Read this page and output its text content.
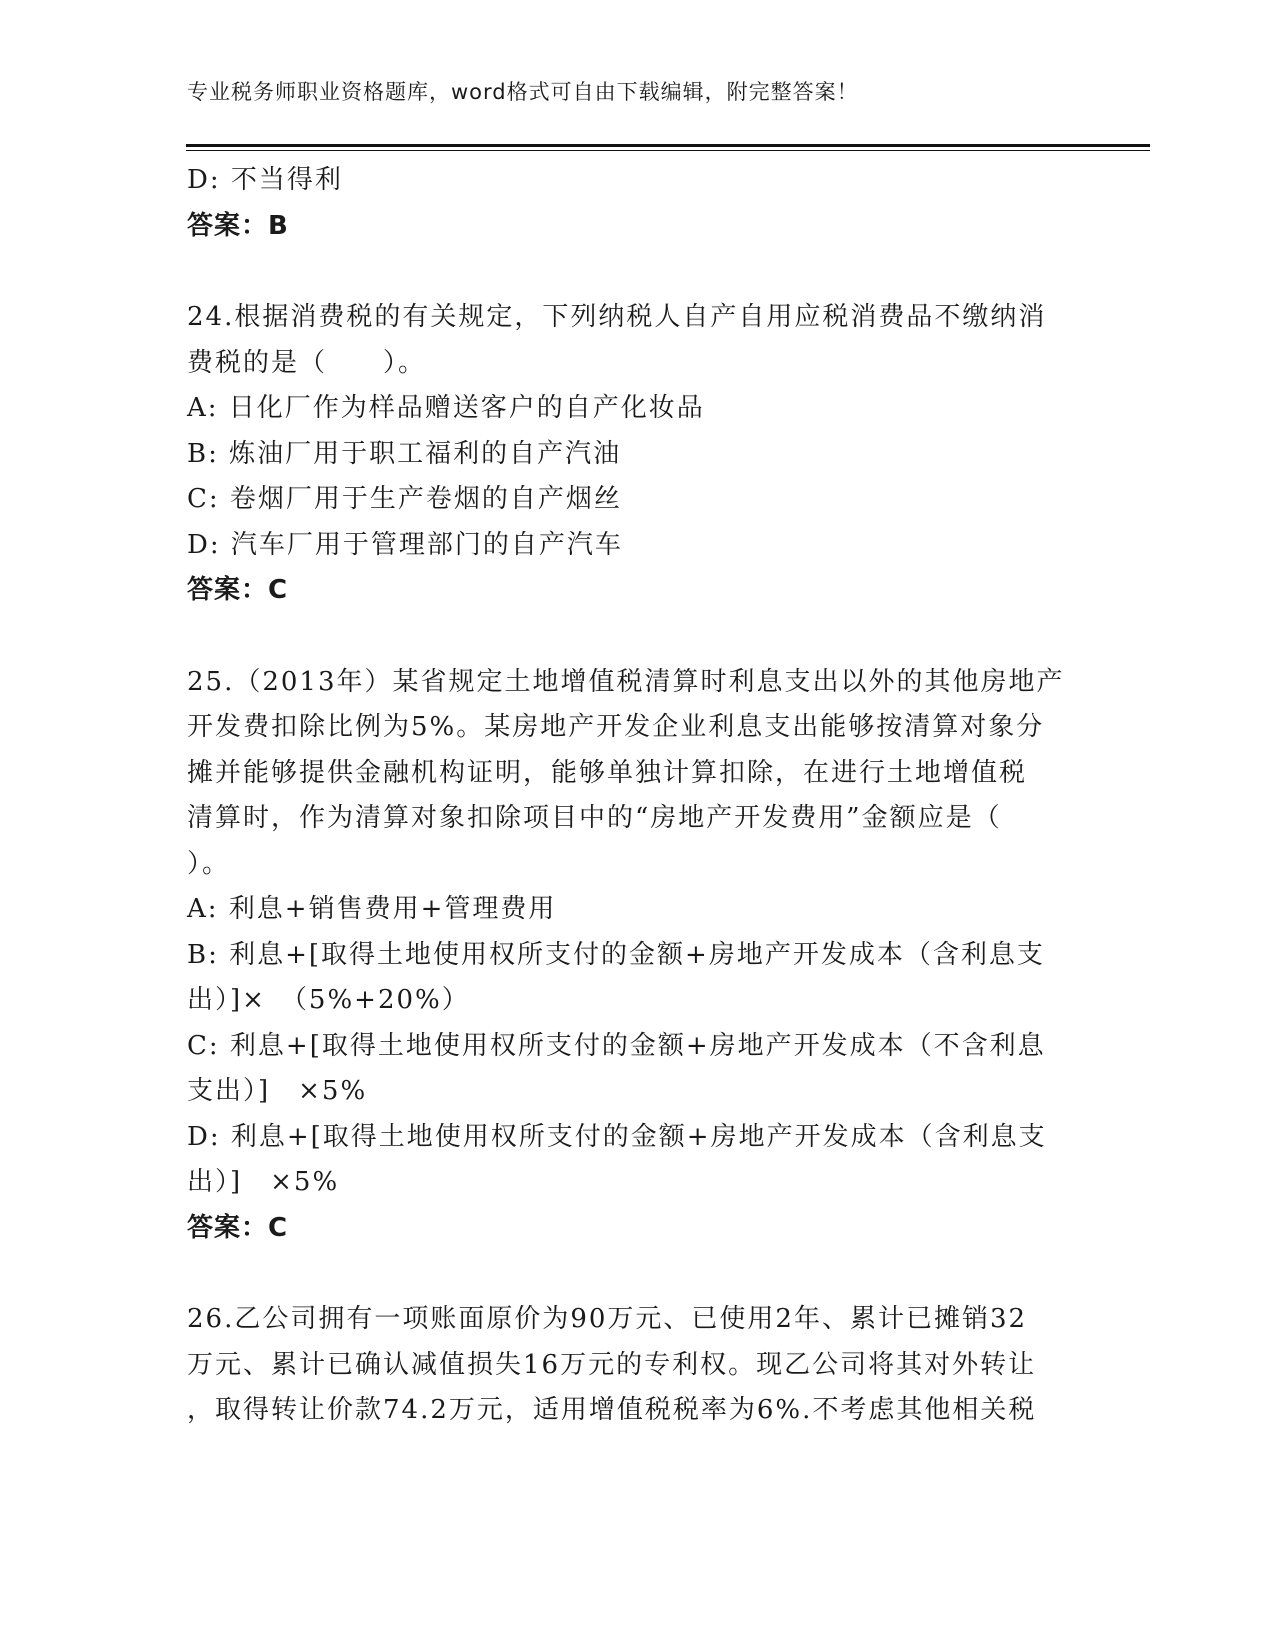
专业税务师职业资格题库，word格式可自由下载编辑，附完整答案！
D: 不当得利
答案：B
24.根据消费税的有关规定，下列纳税人自产自用应税消费品不缴纳消
费税的是（　　）。
A: 日化厂作为样品赠送客户的自产化妆品
B: 炼油厂用于职工福利的自产汽油
C: 卷烟厂用于生产卷烟的自产烟丝
D: 汽车厂用于管理部门的自产汽车
答案：C
25.（2013年）某省规定土地增值税清算时利息支出以外的其他房地产
开发费扣除比例为5%。某房地产开发企业利息支出能够按清算对象分
摊并能够提供金融机构证明，能够单独计算扣除，在进行土地增值税
清算时，作为清算对象扣除项目中的“房地产开发费用”金额应是（
）。
A: 利息+销售费用+管理费用
B: 利息+[取得土地使用权所支付的金额+房地产开发成本（含利息支
出）]×　（5%+20%）
C: 利息+[取得土地使用权所支付的金额+房地产开发成本（不含利息
支出）]　×5%
D: 利息+[取得土地使用权所支付的金额+房地产开发成本（含利息支
出）]　×5%
答案：C
26.乙公司拥有一项账面原价为90万元、已使用2年、累计已摊销32
万元、累计已确认减值损失16万元的专利权。现乙公司将其对外转让
，取得转让价款74.2万元，适用增值税税率为6%.不考虑其他相关税
